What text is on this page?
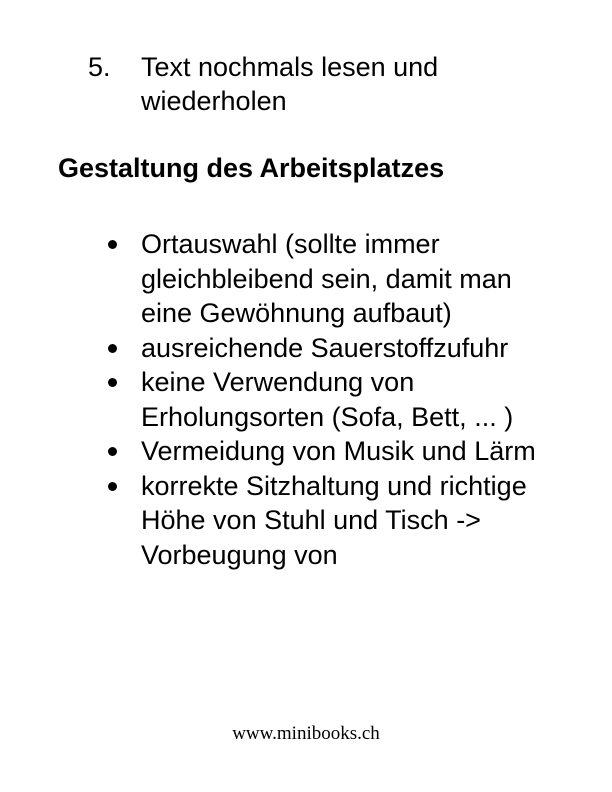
5.	Text nochmals lesen und wiederholen
Gestaltung des Arbeitsplatzes
Ortauswahl (sollte immer gleichbleibend sein, damit man eine Gewöhnung aufbaut)
ausreichende Sauerstoffzufuhr
keine Verwendung von Erholungsorten (Sofa, Bett, ... )
Vermeidung von Musik und Lärm
korrekte Sitzhaltung und richtige Höhe von Stuhl und Tisch -> Vorbeugung von
www.minibooks.ch
